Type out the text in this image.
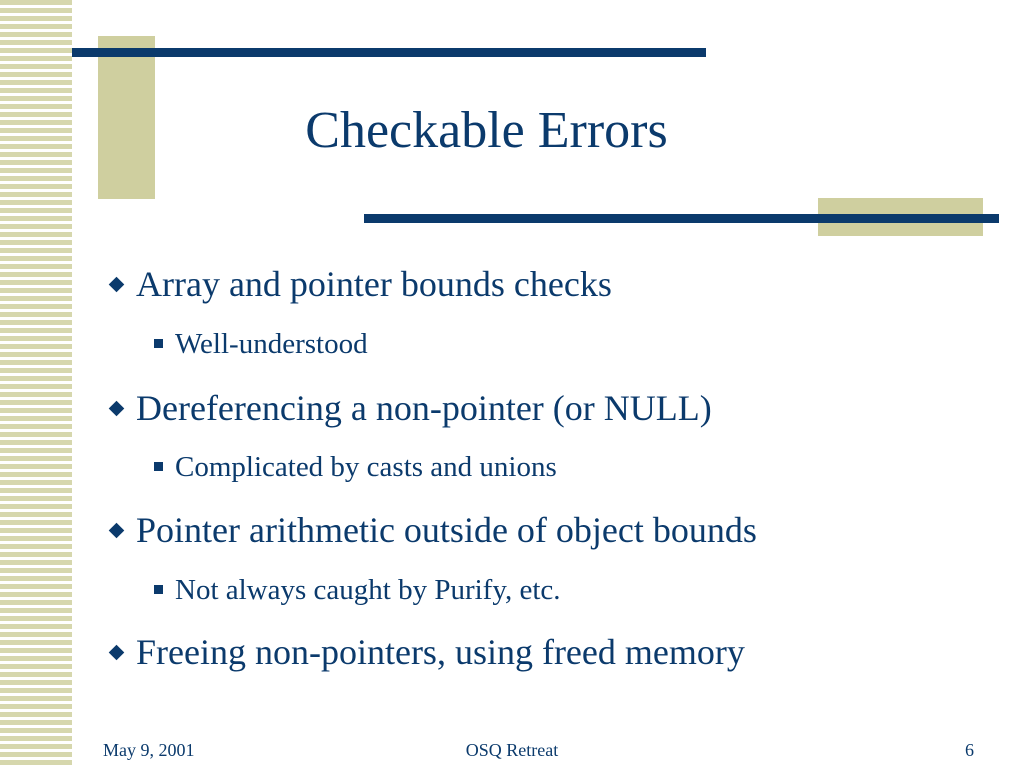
Checkable Errors
Array and pointer bounds checks
Well-understood
Dereferencing a non-pointer (or NULL)
Complicated by casts and unions
Pointer arithmetic outside of object bounds
Not always caught by Purify, etc.
Freeing non-pointers, using freed memory
May 9, 2001	OSQ Retreat	6
